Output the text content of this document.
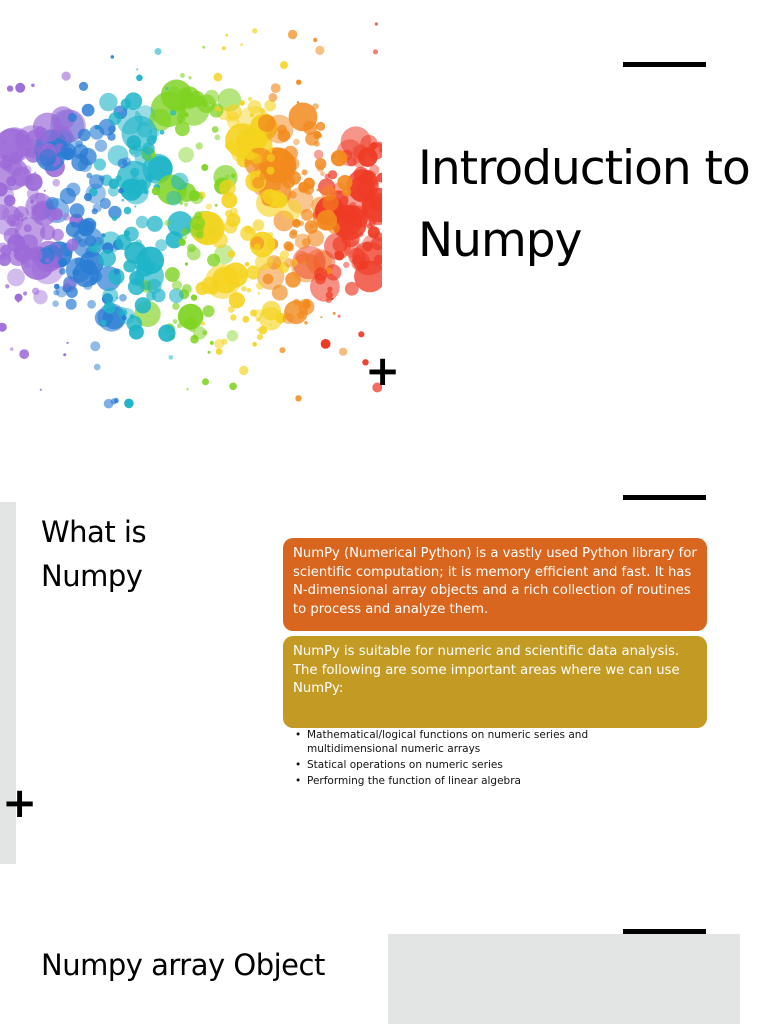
Introduction to Numpy
+
What is Numpy
NumPy (Numerical Python) is a vastly used Python library for scientific computation; it is memory efficient and fast. It has N-dimensional array objects and a rich collection of routines to process and analyze them.
NumPy is suitable for numeric and scientific data analysis. The following are some important areas where we can use NumPy:
• Mathematical/logical functions on numeric series and multidimensional numeric arrays
• Statical operations on numeric series
• Performing the function of linear algebra
+
Numpy array Object
